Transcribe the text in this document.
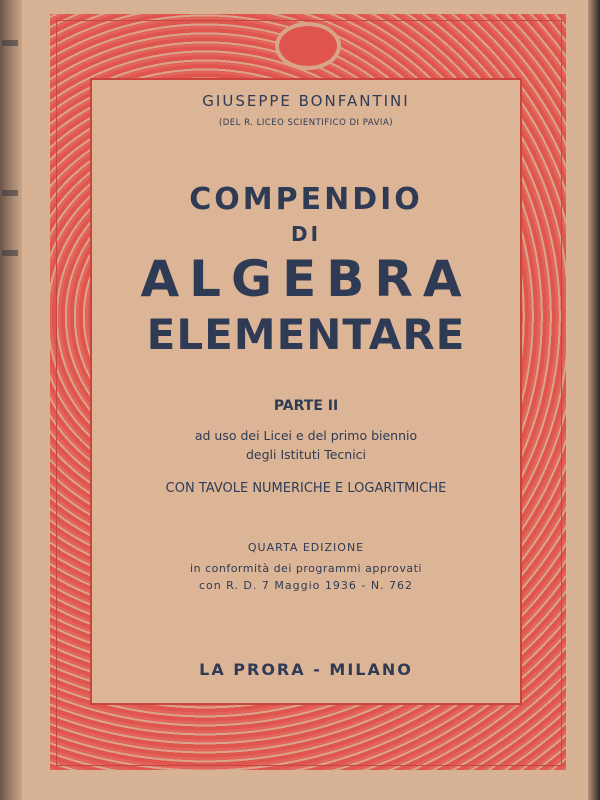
GIUSEPPE BONFANTINI

(DEL R. LICEO SCIENTIFICO DI PAVIA)

COMPENDIO

DI

ALGEBRA

ELEMENTARE

PARTE II

ad uso dei Licei e del primo biennio

degli Istituti Tecnici

CON TAVOLE NUMERICHE E LOGARITMICHE

QUARTA EDIZIONE

in conformità dei programmi approvati

con R. D. 7 Maggio 1936 - N. 762

LA PRORA - MILANO
